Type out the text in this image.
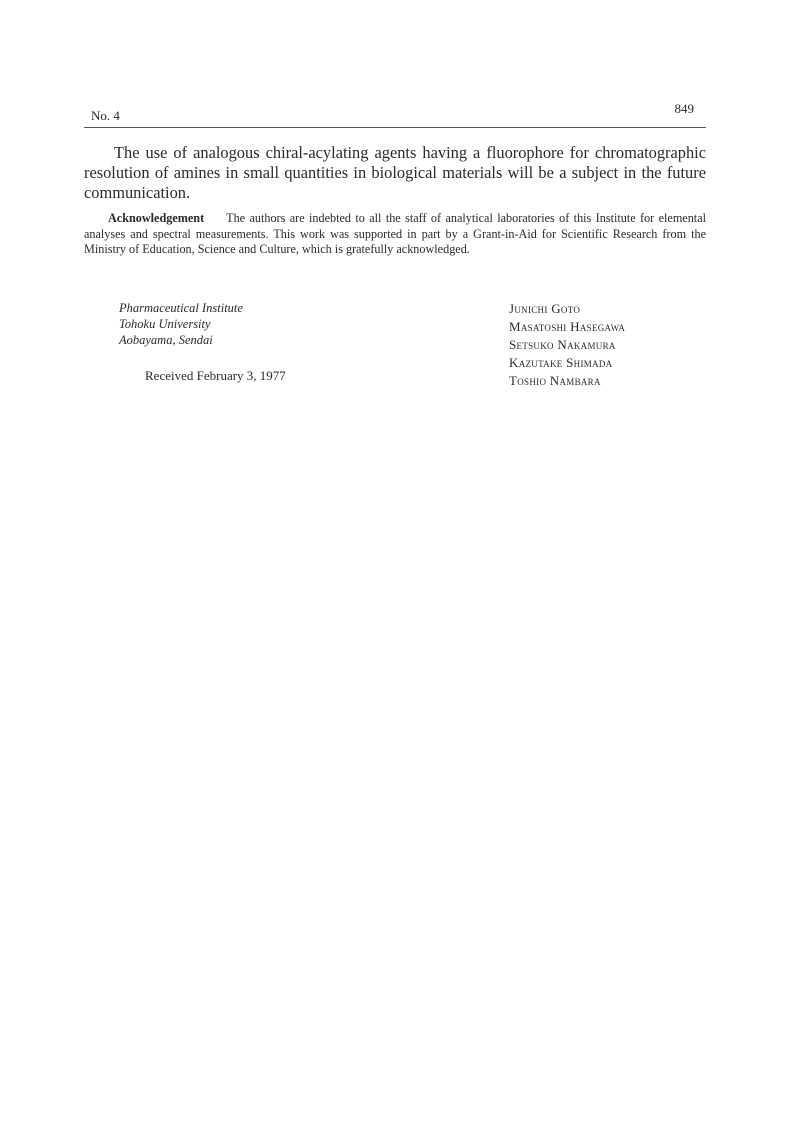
No. 4	849

The use of analogous chiral-acylating agents having a fluorophore for chromatographic resolution of amines in small quantities in biological materials will be a subject in the future communication.

Acknowledgement The authors are indebted to all the staff of analytical laboratories of this Institute for elemental analyses and spectral measurements. This work was supported in part by a Grant-in-Aid for Scientific Research from the Ministry of Education, Science and Culture, which is gratefully acknowledged.

Pharmaceutical Institute
Tohoku University
Aobayama, Sendai
Received February 3, 1977
Junichi Goto
Masatoshi Hasegawa
Setsuko Nakamura
Kazutake Shimada
Toshio Nambara
